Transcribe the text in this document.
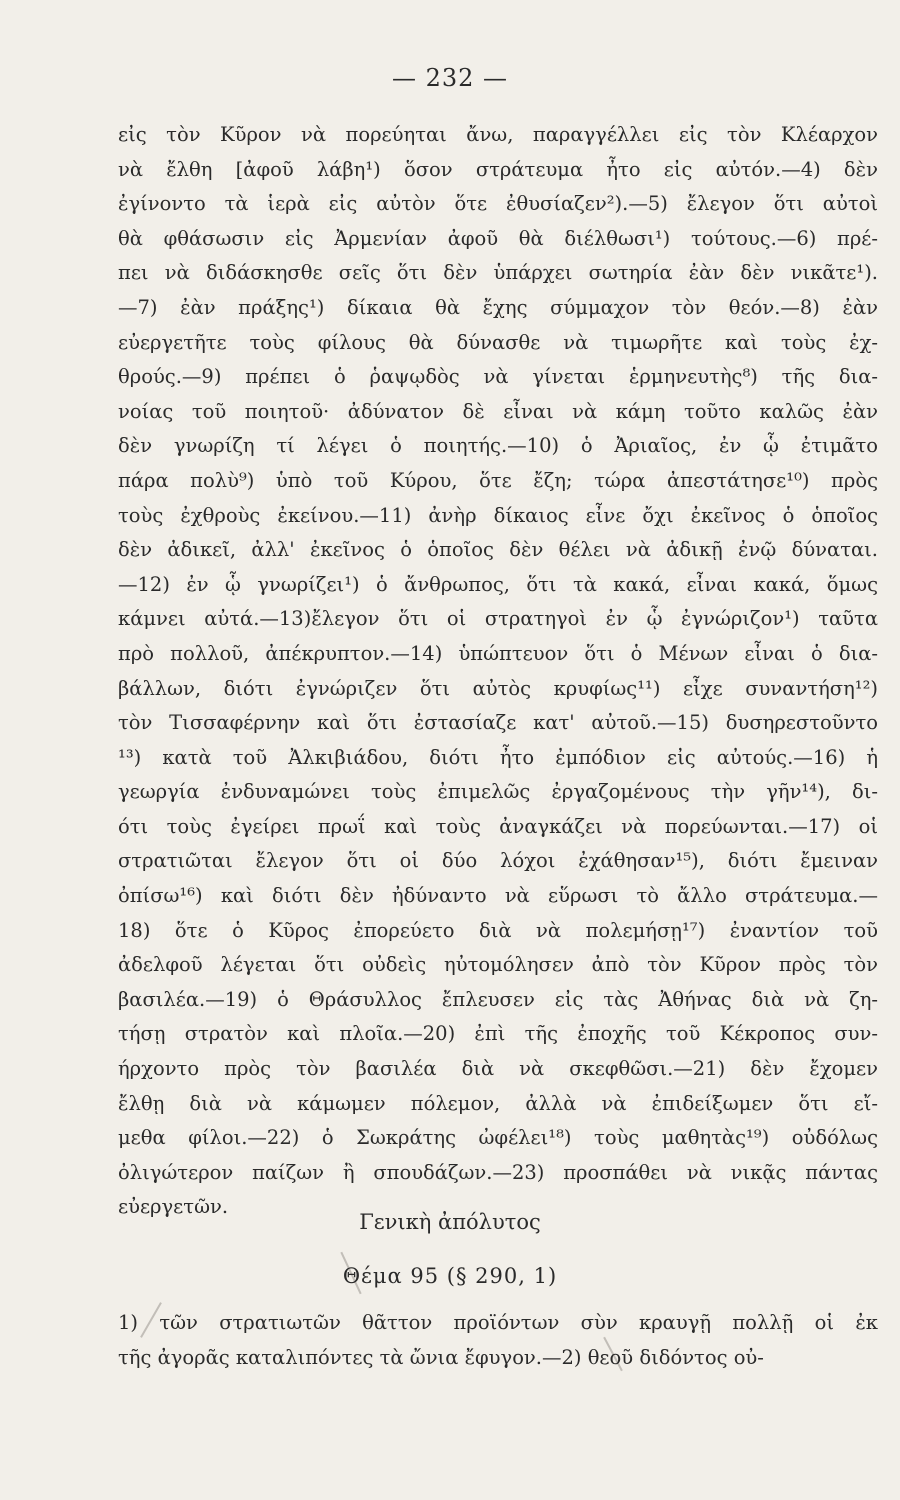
— 232 —
εἰς τὸν Κῦρον νὰ πορεύηται ἄνω, παραγγέλλει εἰς τὸν Κλέαρχον
νὰ ἔλθη [ἀφοῦ λάβη¹) ὅσον στράτευμα ἦτο εἰς αὐτόν.—4) δὲν
ἐγίνοντο τὰ ἱερὰ εἰς αὐτὸν ὅτε ἐθυσίαζεν²).—5) ἔλεγον ὅτι αὐτοὶ
θὰ φθάσωσιν εἰς Ἀρμενίαν ἀφοῦ θὰ διέλθωσι¹) τούτους.—6) πρέ-
πει νὰ διδάσκησθε σεῖς ὅτι δὲν ὑπάρχει σωτηρία ἐὰν δὲν νικᾶτε¹).
—7) ἐὰν πράξης¹) δίκαια θὰ ἔχης σύμμαχον τὸν θεόν.—8) ἐὰν
εὐεργετῆτε τοὺς φίλους θὰ δύνασθε νὰ τιμωρῆτε καὶ τοὺς ἐχ-
θρούς.—9) πρέπει ὁ ῥαψῳδὸς νὰ γίνεται ἑρμηνευτὴς⁸) τῆς δια-
νοίας τοῦ ποιητοῦ· ἀδύνατον δὲ εἶναι νὰ κάμη τοῦτο καλῶς ἐὰν
δὲν γνωρίζη τί λέγει ὁ ποιητής.—10) ὁ Ἀριαῖος, ἐν ᾧ ἐτιμᾶτο
πάρα πολὺ⁹) ὑπὸ τοῦ Κύρου, ὅτε ἔζη; τώρα ἀπεστάτησε¹⁰) πρὸς
τοὺς ἐχθροὺς ἐκείνου.—11) ἀνὴρ δίκαιος εἶνε ὄχι ἐκεῖνος ὁ ὁποῖος
δὲν ἀδικεῖ, ἀλλ' ἐκεῖνος ὁ ὁποῖος δὲν θέλει νὰ ἀδικῇ ἐνῷ δύναται.
—12) ἐν ᾧ γνωρίζει¹) ὁ ἄνθρωπος, ὅτι τὰ κακά, εἶναι κακά, ὅμως
κάμνει αὐτά.—13)ἔλεγον ὅτι οἱ στρατηγοὶ ἐν ᾧ ἐγνώριζον¹) ταῦτα
πρὸ πολλοῦ, ἀπέκρυπτον.—14) ὑπώπτευον ὅτι ὁ Μένων εἶναι ὁ δια-
βάλλων, διότι ἐγνώριζεν ὅτι αὐτὸς κρυφίως¹¹) εἶχε συναντήση¹²)
τὸν Τισσαφέρνην καὶ ὅτι ἐστασίαζε κατ' αὐτοῦ.—15) δυσηρεστοῦντο
¹³) κατὰ τοῦ Ἀλκιβιάδου, διότι ἦτο ἐμπόδιον εἰς αὐτούς.—16) ἡ
γεωργία ἐνδυναμώνει τοὺς ἐπιμελῶς ἐργαζομένους τὴν γῆν¹⁴), δι-
ότι τοὺς ἐγείρει πρωΐ καὶ τοὺς ἀναγκάζει νὰ πορεύωνται.—17) οἱ
στρατιῶται ἔλεγον ὅτι οἱ δύο λόχοι ἐχάθησαν¹⁵), διότι ἔμειναν
ὀπίσω¹⁶) καὶ διότι δὲν ἠδύναντο νὰ εὕρωσι τὸ ἄλλο στράτευμα.—
18) ὅτε ὁ Κῦρος ἐπορεύετο διὰ νὰ πολεμήσῃ¹⁷) ἐναντίον τοῦ
ἀδελφοῦ λέγεται ὅτι οὐδεὶς ηὐτομόλησεν ἀπὸ τὸν Κῦρον πρὸς τὸν
βασιλέα.—19) ὁ Θράσυλλος ἔπλευσεν εἰς τὰς Ἀθήνας διὰ νὰ ζη-
τήσῃ στρατὸν καὶ πλοῖα.—20) ἐπὶ τῆς ἐποχῆς τοῦ Κέκροπος συν-
ήρχοντο πρὸς τὸν βασιλέα διὰ νὰ σκεφθῶσι.—21) δὲν ἔχομεν
ἔλθῃ διὰ νὰ κάμωμεν πόλεμον, ἀλλὰ νὰ ἐπιδείξωμεν ὅτι εἴ-
μεθα φίλοι.—22) ὁ Σωκράτης ὠφέλει¹⁸) τοὺς μαθητὰς¹⁹) οὐδόλως
ὀλιγώτερον παίζων ἢ σπουδάζων.—23) προσπάθει νὰ νικᾷς πάντας
εὐεργετῶν.
Γενικὴ ἀπόλυτος
Θέμα 95 (§ 290, 1)
1) τῶν στρατιωτῶν θᾶττον προϊόντων σὺν κραυγῇ πολλῇ οἱ ἐκ
τῆς ἀγορᾶς καταλιπόντες τὰ ὤνια ἔφυγον.—2) θεοῦ διδόντος οὐ-
